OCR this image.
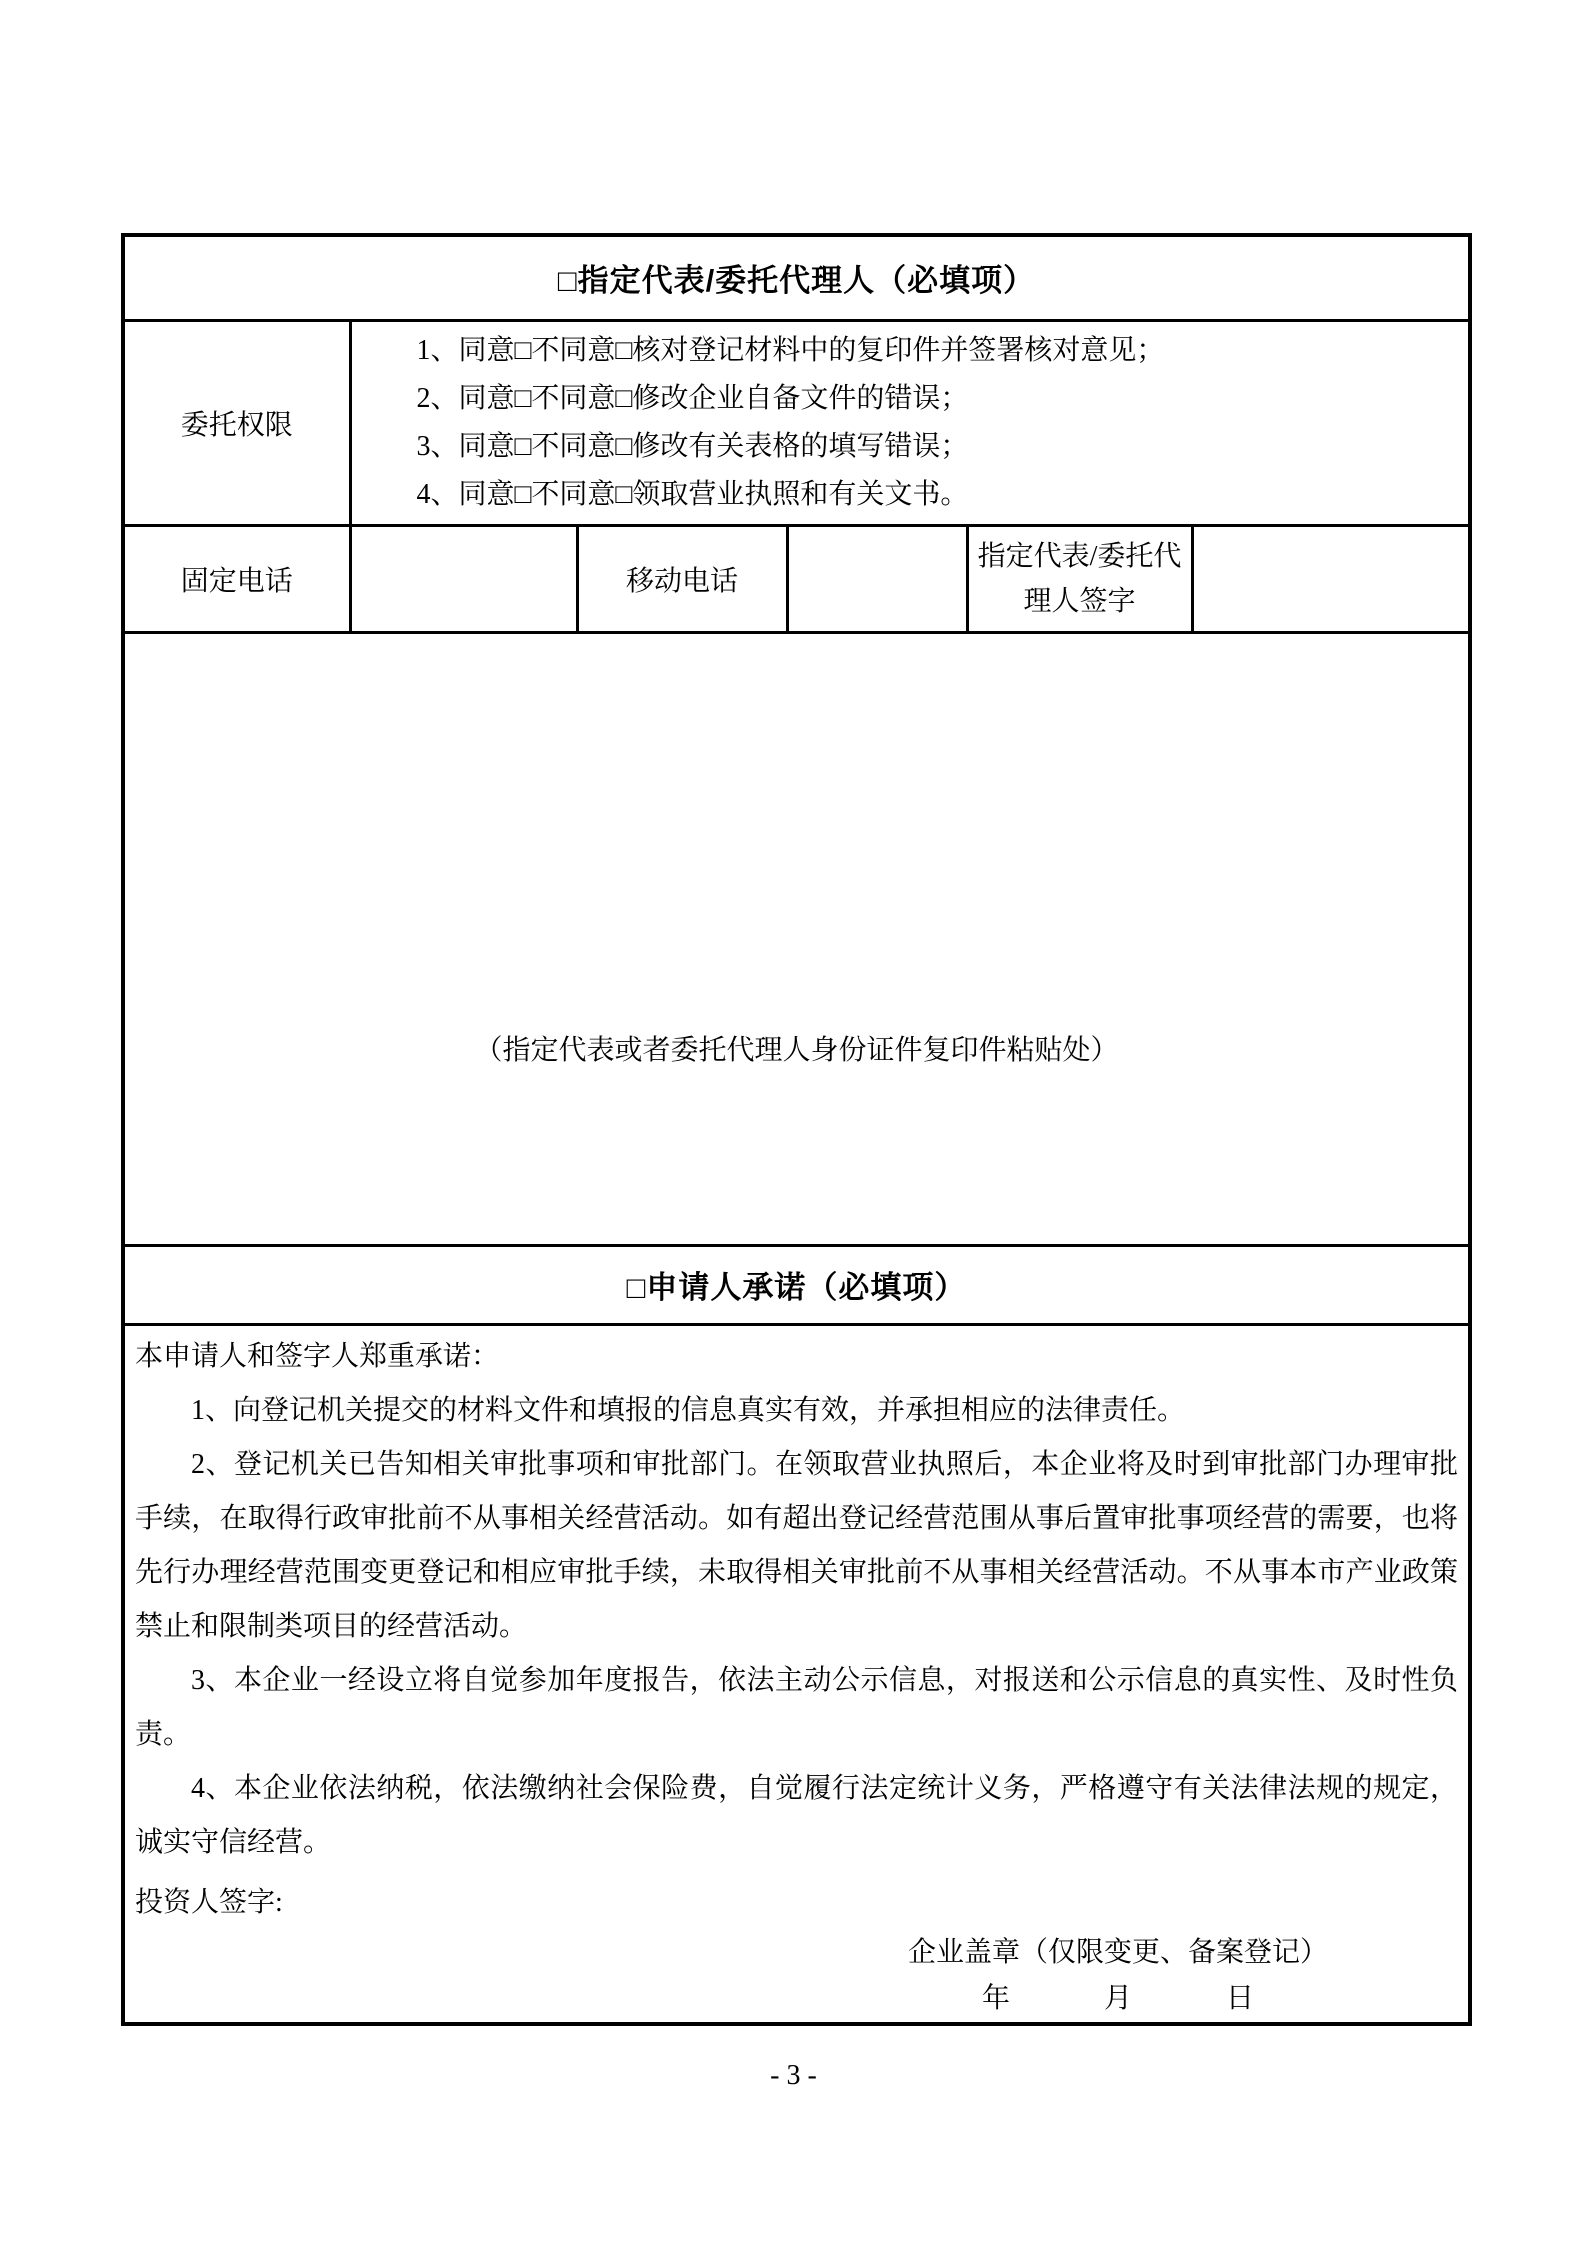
□指定代表/委托代理人（必填项）					
委托权限	1、同意□不同意□核对登记材料中的复印件并签署核对意见；
2、同意□不同意□修改企业自备文件的错误；
3、同意□不同意□修改有关表格的填写错误；
4、同意□不同意□领取营业执照和有关文书。				

固定电话		移动电话		指定代表/委托代理人签字	
（指定代表或者委托代理人身份证件复印件粘贴处）					
□申请人承诺（必填项）					

本申请人和签字人郑重承诺：

1、向登记机关提交的材料文件和填报的信息真实有效，并承担相应的法律责任。

2、登记机关已告知相关审批事项和审批部门。在领取营业执照后，本企业将及时到审批部门办理审批手续，在取得行政审批前不从事相关经营活动。如有超出登记经营范围从事后置审批事项经营的需要，也将先行办理经营范围变更登记和相应审批手续，未取得相关审批前不从事相关经营活动。不从事本市产业政策禁止和限制类项目的经营活动。

3、本企业一经设立将自觉参加年度报告，依法主动公示信息，对报送和公示信息的真实性、及时性负责。

4、本企业依法纳税，依法缴纳社会保险费，自觉履行法定统计义务，严格遵守有关法律法规的规定，诚实守信经营。

投资人签字:

企业盖章（仅限变更、备案登记）
年	月	日
- 3 -
